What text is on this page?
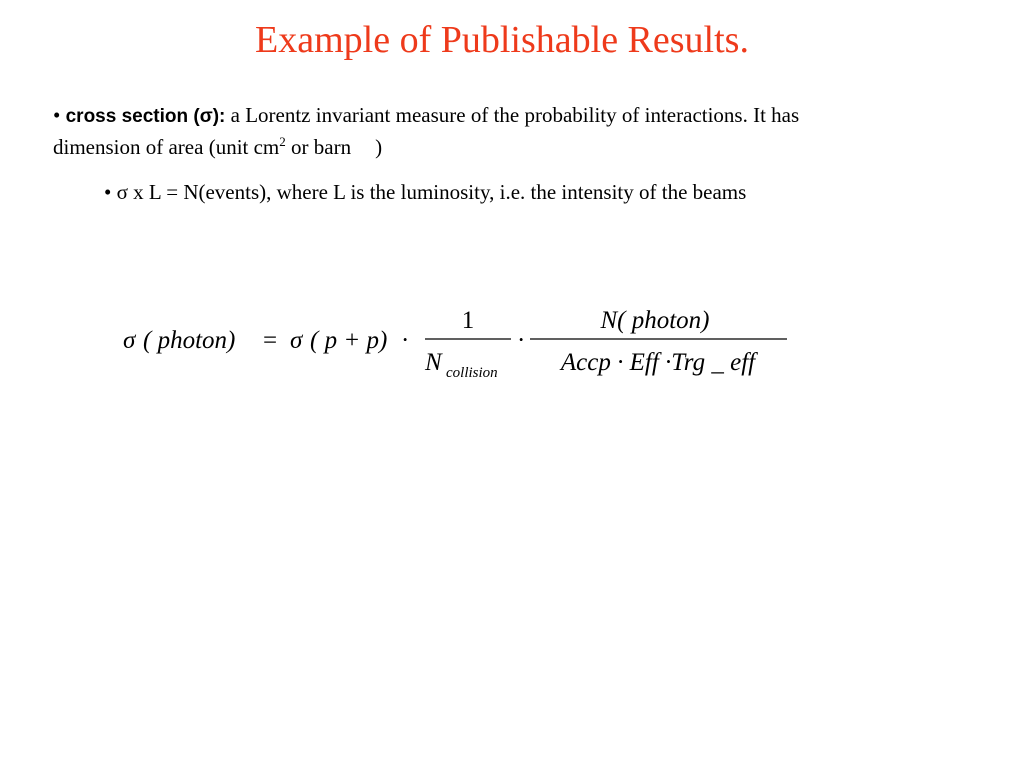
Example of Publishable Results.
• cross section (σ): a Lorentz invariant measure of the probability of interactions. It has dimension of area (unit $cm^2$ or barn )
• σ x L = N(events), where L is the luminosity, i.e. the intensity of the beams
σ ( photon) = σ ( p + p) ·
1
N collision
·
N( photon)
Accp · Eff ·Trg _ eff
